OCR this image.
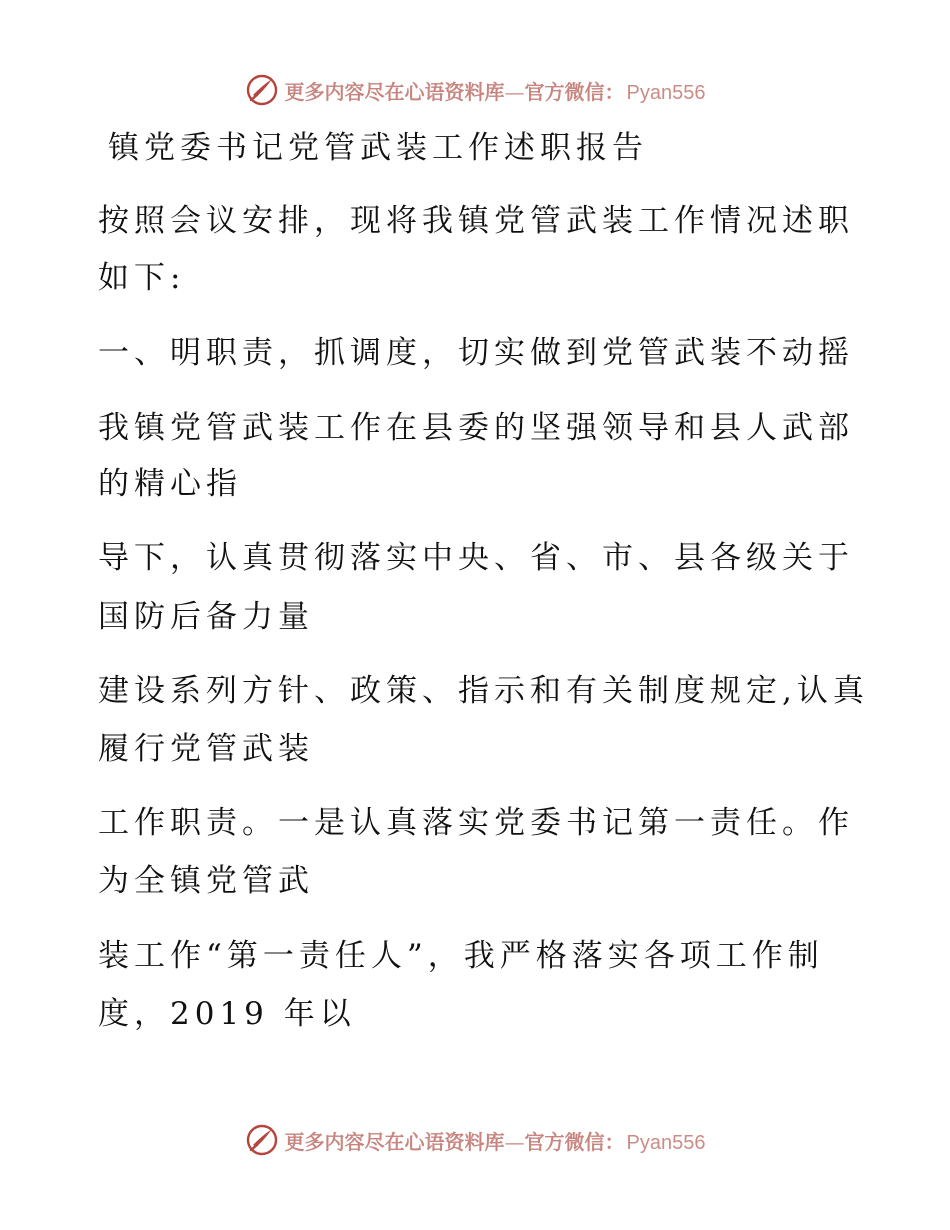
更多内容尽在心语资料库—官方微信： Pyan556
镇党委书记党管武装工作述职报告
按照会议安排，现将我镇党管武装工作情况述职
如下:
一、明职责，抓调度，切实做到党管武装不动摇
我镇党管武装工作在县委的坚强领导和县人武部
的精心指
导下，认真贯彻落实中央、省、市、县各级关于
国防后备力量
建设系列方针、政策、指示和有关制度规定,认真
履行党管武装
工作职责。一是认真落实党委书记第一责任。作
为全镇党管武
装工作“第一责任人”，我严格落实各项工作制
度，2019 年以
更多内容尽在心语资料库—官方微信： Pyan556
